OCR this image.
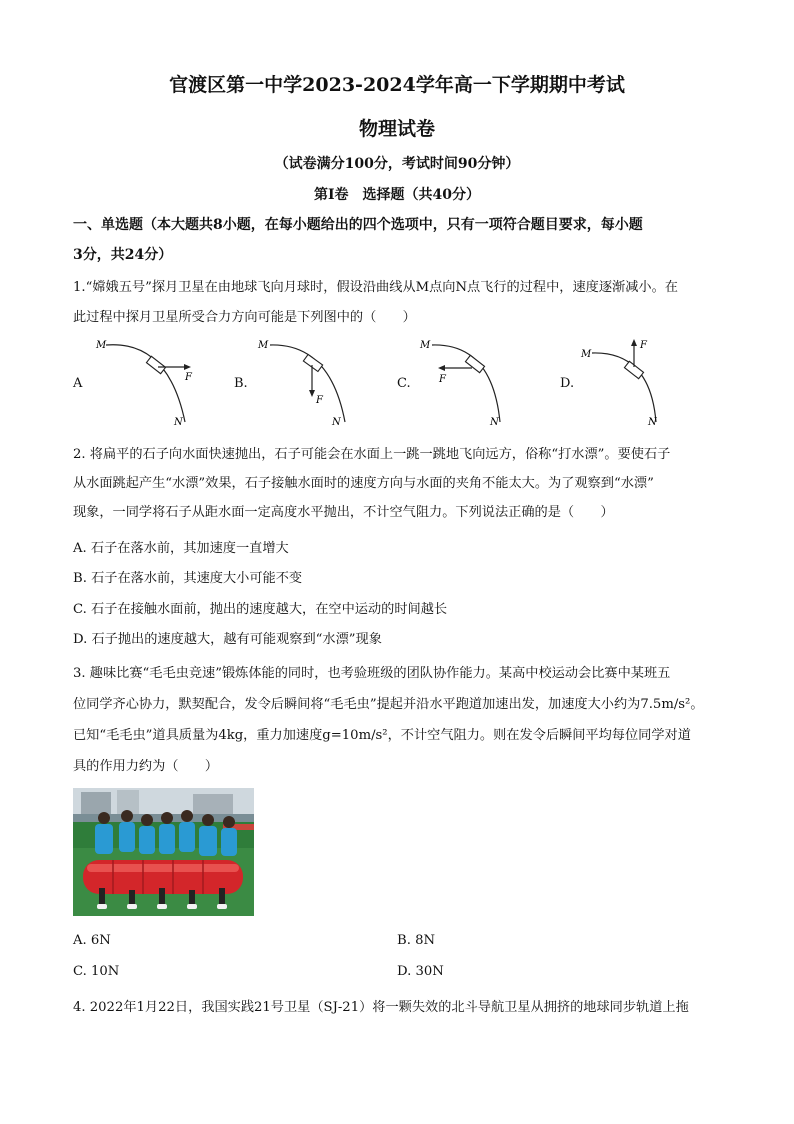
官渡区第一中学2023-2024学年高一下学期期中考试
物理试卷
（试卷满分100分，考试时间90分钟）
第Ⅰ卷　选择题（共40分）
一、单选题（本大题共8小题，在每小题给出的四个选项中，只有一项符合题目要求，每小题
3分，共24分）
1.“嫦娥五号”探月卫星在由地球飞向月球时，假设沿曲线从M点向N点飞行的过程中，速度逐渐减小。在
此过程中探月卫星所受合力方向可能是下列图中的（　　）
A
M
F
N
B.
M
F
N
C.
M
F
N
D.
M
F
N
2. 将扁平的石子向水面快速抛出，石子可能会在水面上一跳一跳地飞向远方，俗称“打水漂”。要使石子
从水面跳起产生“水漂”效果，石子接触水面时的速度方向与水面的夹角不能太大。为了观察到“水漂”
现象，一同学将石子从距水面一定高度水平抛出，不计空气阻力。下列说法正确的是（　　）
A. 石子在落水前，其加速度一直增大
B. 石子在落水前，其速度大小可能不变
C. 石子在接触水面前，抛出的速度越大，在空中运动的时间越长
D. 石子抛出的速度越大，越有可能观察到“水漂”现象
3. 趣味比赛“毛毛虫竞速”锻炼体能的同时，也考验班级的团队协作能力。某高中校运动会比赛中某班五
位同学齐心协力，默契配合，发令后瞬间将“毛毛虫”提起并沿水平跑道加速出发，加速度大小约为7.5m/s²。
已知“毛毛虫”道具质量为4kg，重力加速度g=10m/s²，不计空气阻力。则在发令后瞬间平均每位同学对道
具的作用力约为（　　）
A. 6N	B. 8N
C. 10N	D. 30N
4. 2022年1月22日，我国实践21号卫星（SJ-21）将一颗失效的北斗导航卫星从拥挤的地球同步轨道上拖
